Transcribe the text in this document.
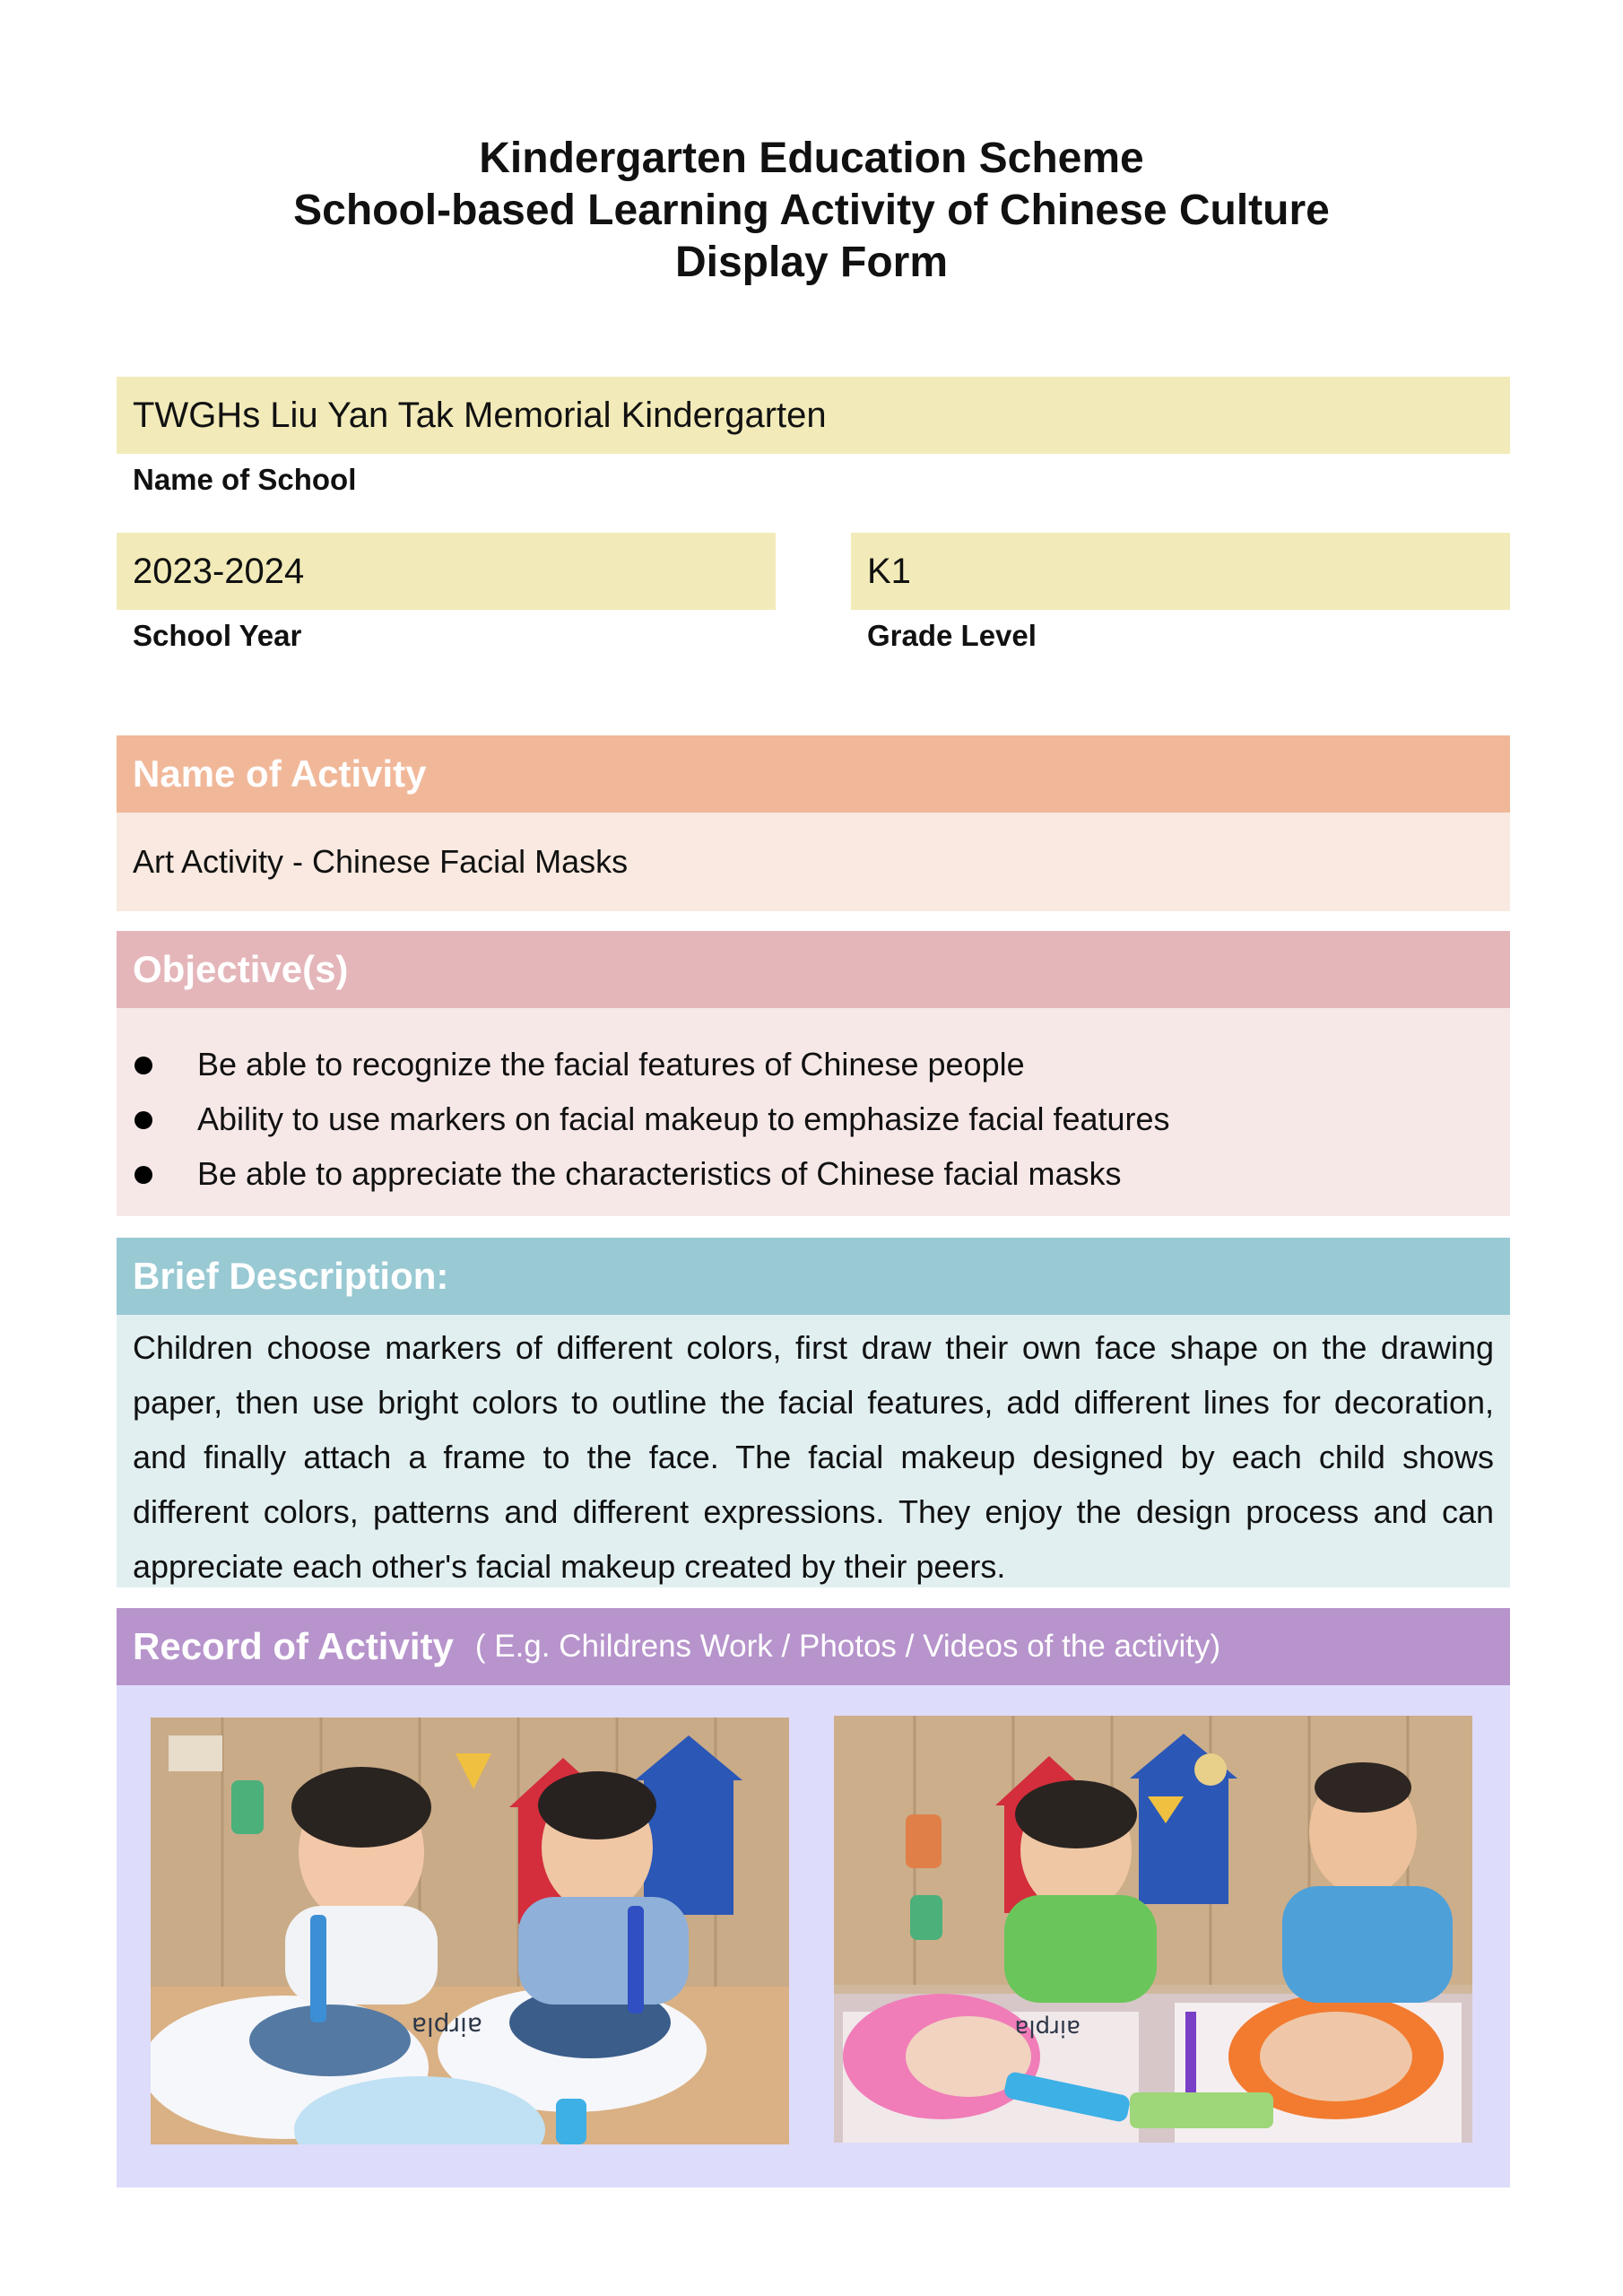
Kindergarten Education Scheme
School-based Learning Activity of Chinese Culture
Display Form
TWGHs Liu Yan Tak Memorial Kindergarten
Name of School
2023-2024
School Year
K1
Grade Level
Name of Activity
Art Activity - Chinese Facial Masks
Objective(s)
Be able to recognize the facial features of Chinese people
Ability to use markers on facial makeup to emphasize facial features
Be able to appreciate the characteristics of Chinese facial masks
Brief Description:
Children choose markers of different colors, first draw their own face shape on the drawing paper, then use bright colors to outline the facial features, add different lines for decoration, and finally attach a frame to the face. The facial makeup designed by each child shows different colors, patterns and different expressions. They enjoy the design process and can appreciate each other's facial makeup created by their peers.
Record of Activity ( E.g. Childrens Work / Photos / Videos of the activity)
airpla	airpla
